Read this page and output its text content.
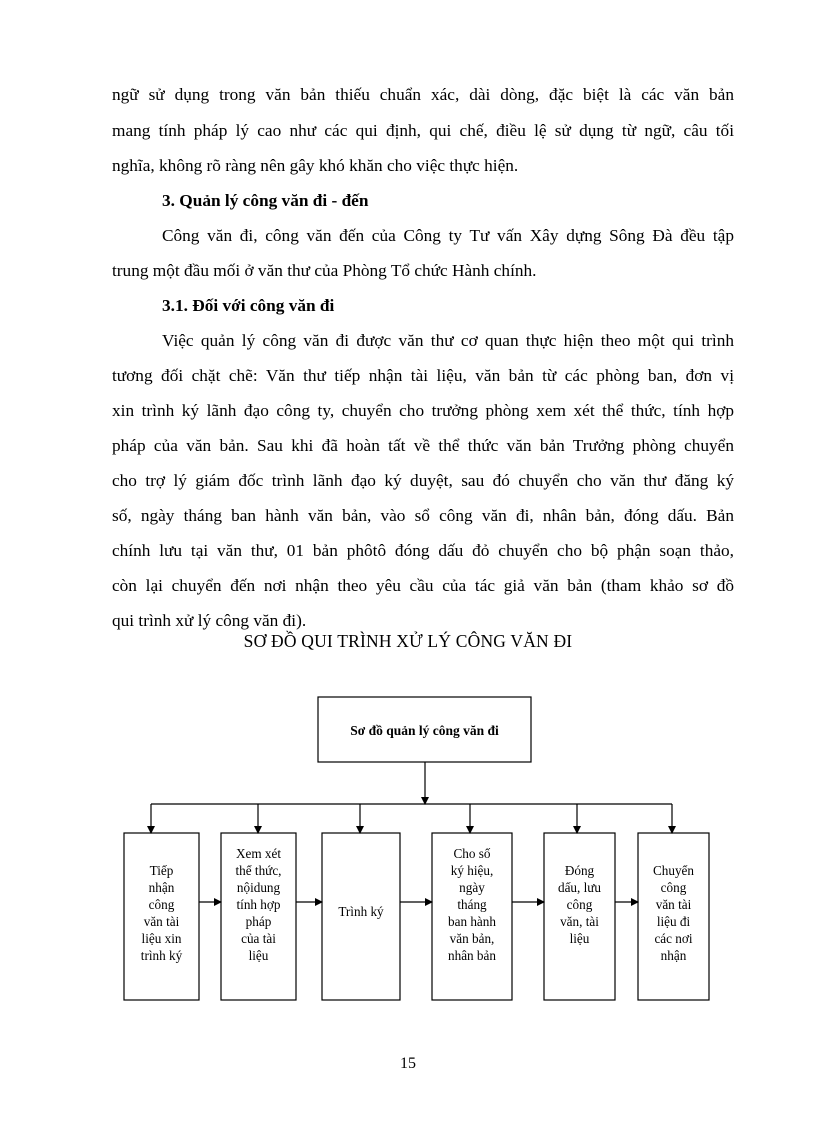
ngữ sử dụng trong văn bản thiếu chuẩn xác, dài dòng, đặc biệt là các văn bản
mang tính pháp lý cao như các qui định, qui chế, điều lệ sử dụng từ ngữ, câu tối
nghĩa, không rõ ràng nên gây khó khăn cho việc thực hiện.
3. Quản lý công văn đi - đến
Công văn đi, công văn đến của Công ty Tư vấn Xây dựng Sông Đà đều tập
trung một đầu mối ở văn thư của Phòng Tổ chức Hành chính.
3.1. Đối với công văn đi
Việc quản lý công văn đi được văn thư cơ quan thực hiện theo một qui trình
tương đối chặt chẽ: Văn thư tiếp nhận tài liệu, văn bản từ các phòng ban, đơn vị
xin trình ký lãnh đạo công ty, chuyển cho trưởng phòng xem xét thể thức, tính hợp
pháp của văn bản. Sau khi đã hoàn tất về thể thức văn bản Trưởng phòng chuyển
cho trợ lý giám đốc trình lãnh đạo ký duyệt, sau đó chuyển cho văn thư đăng ký
số, ngày tháng ban hành văn bản, vào sổ công văn đi, nhân bản, đóng dấu. Bản
chính lưu tại văn thư, 01 bản phôtô đóng dấu đỏ chuyển cho bộ phận soạn thảo,
còn lại chuyển đến nơi nhận theo yêu cầu của tác giả văn bản (tham khảo sơ đồ
qui trình xử lý công văn đi).
SƠ ĐỒ QUI TRÌNH XỬ LÝ CÔNG VĂN ĐI
Sơ đồ quản lý công văn đi
Tiếp
nhận
công
văn tài
liệu xin
trình ký
Xem xét
thể thức,
nộidung
tính hợp
pháp
của tài
liệu
Trình ký
Cho số
ký hiệu,
ngày
tháng
ban hành
văn bản,
nhân bản
Đóng
dấu, lưu
công
văn, tài
liệu
Chuyển
công
văn tài
liệu đi
các nơi
nhận
15
